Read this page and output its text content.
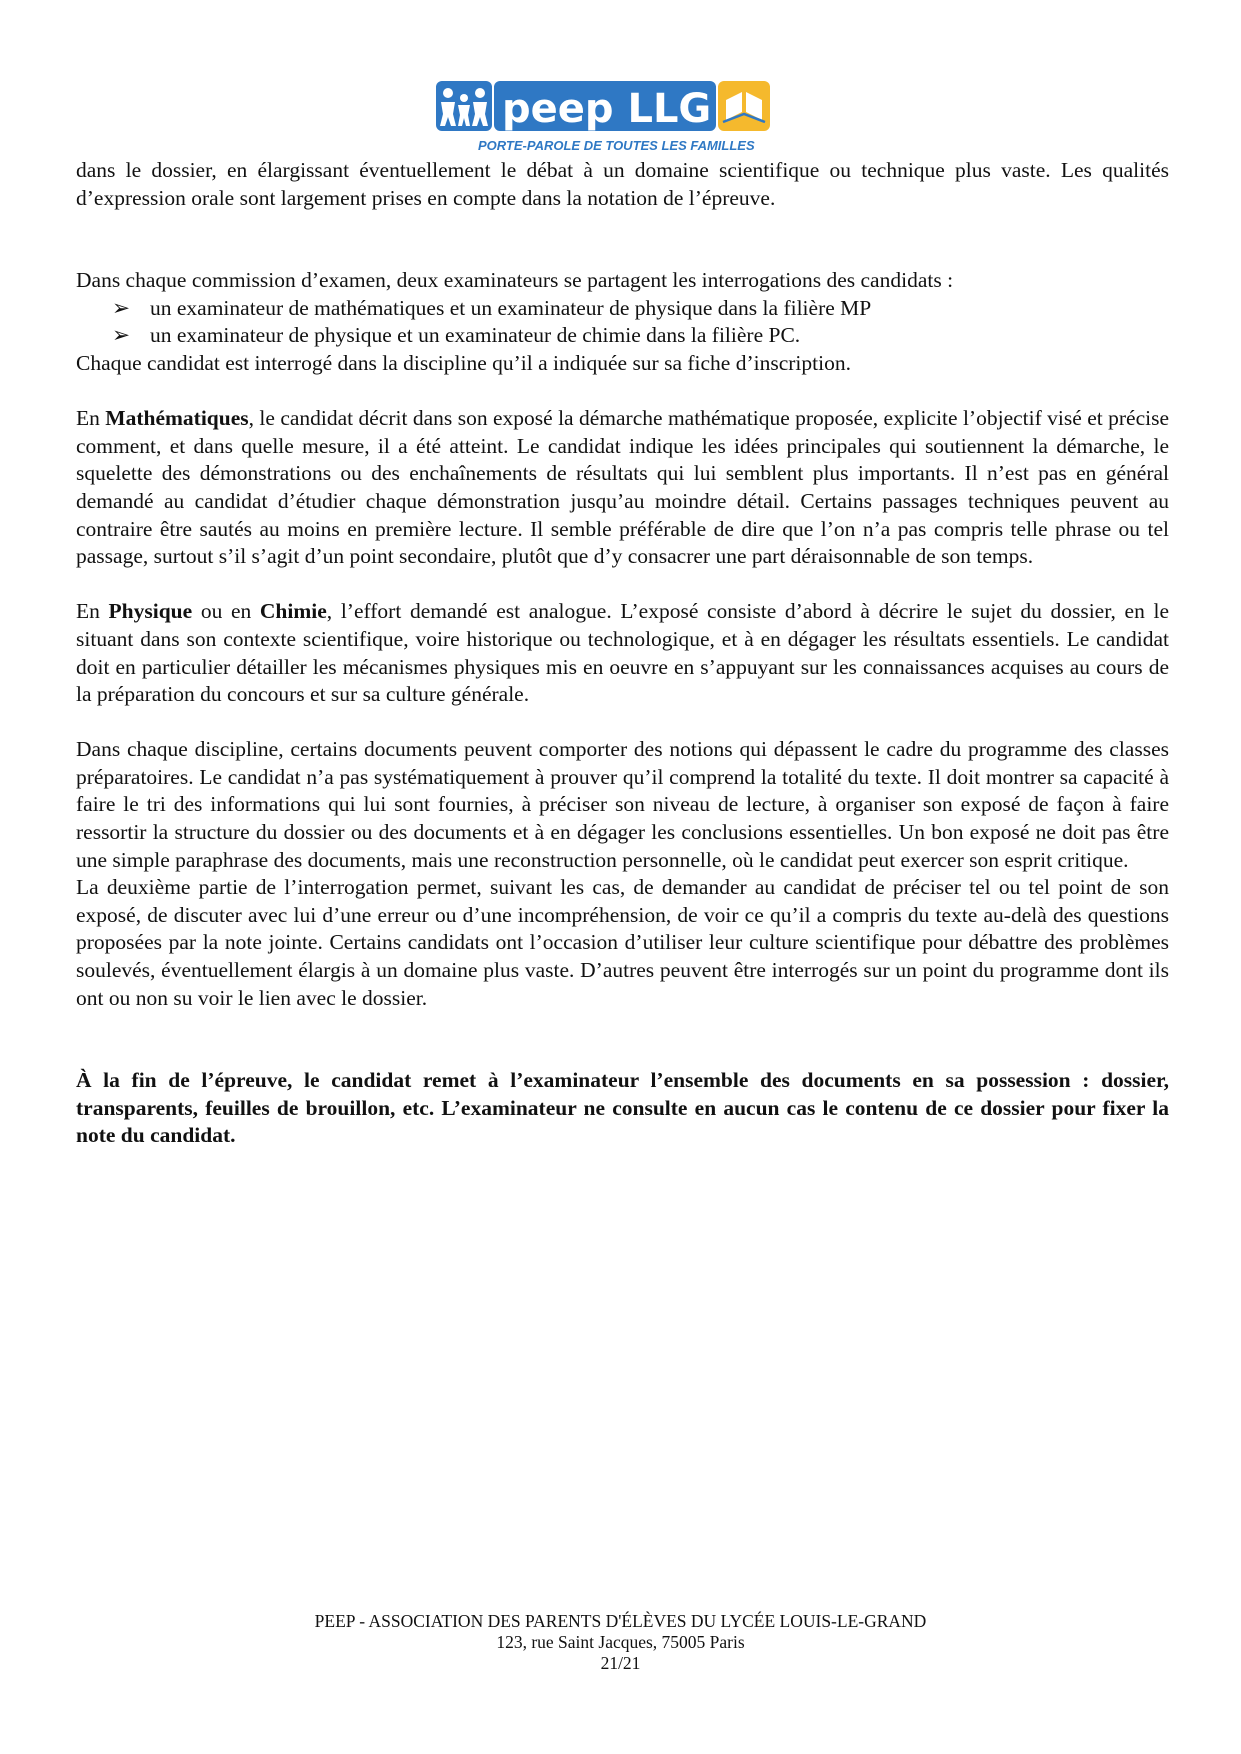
peep LLG
PORTE-PAROLE DE TOUTES LES FAMILLES

dans le dossier, en élargissant éventuellement le débat à un domaine scientifique ou technique plus vaste. Les qualités d’expression orale sont largement prises en compte dans la notation de l’épreuve.

Dans chaque commission d’examen, deux examinateurs se partagent les interrogations des candidats :

➢ un examinateur de mathématiques et un examinateur de physique dans la filière MP
➢ un examinateur de physique et un examinateur de chimie dans la filière PC.

Chaque candidat est interrogé dans la discipline qu’il a indiquée sur sa fiche d’inscription.

En Mathématiques, le candidat décrit dans son exposé la démarche mathématique proposée, explicite l’objectif visé et précise comment, et dans quelle mesure, il a été atteint. Le candidat indique les idées principales qui soutiennent la démarche, le squelette des démonstrations ou des enchaînements de résultats qui lui semblent plus importants. Il n’est pas en général demandé au candidat d’étudier chaque démonstration jusqu’au moindre détail. Certains passages techniques peuvent au contraire être sautés au moins en première lecture. Il semble préférable de dire que l’on n’a pas compris telle phrase ou tel passage, surtout s’il s’agit d’un point secondaire, plutôt que d’y consacrer une part déraisonnable de son temps.

En Physique ou en Chimie, l’effort demandé est analogue. L’exposé consiste d’abord à décrire le sujet du dossier, en le situant dans son contexte scientifique, voire historique ou technologique, et à en dégager les résultats essentiels. Le candidat doit en particulier détailler les mécanismes physiques mis en oeuvre en s’appuyant sur les connaissances acquises au cours de la préparation du concours et sur sa culture générale.

Dans chaque discipline, certains documents peuvent comporter des notions qui dépassent le cadre du programme des classes préparatoires. Le candidat n’a pas systématiquement à prouver qu’il comprend la totalité du texte. Il doit montrer sa capacité à faire le tri des informations qui lui sont fournies, à préciser son niveau de lecture, à organiser son exposé de façon à faire ressortir la structure du dossier ou des documents et à en dégager les conclusions essentielles. Un bon exposé ne doit pas être une simple paraphrase des documents, mais une reconstruction personnelle, où le candidat peut exercer son esprit critique.

La deuxième partie de l’interrogation permet, suivant les cas, de demander au candidat de préciser tel ou tel point de son exposé, de discuter avec lui d’une erreur ou d’une incompréhension, de voir ce qu’il a compris du texte au-delà des questions proposées par la note jointe. Certains candidats ont l’occasion d’utiliser leur culture scientifique pour débattre des problèmes soulevés, éventuellement élargis à un domaine plus vaste. D’autres peuvent être interrogés sur un point du programme dont ils ont ou non su voir le lien avec le dossier.

À la fin de l’épreuve, le candidat remet à l’examinateur l’ensemble des documents en sa possession : dossier, transparents, feuilles de brouillon, etc. L’examinateur ne consulte en aucun cas le contenu de ce dossier pour fixer la note du candidat.

PEEP - ASSOCIATION DES PARENTS D'ÉLÈVES DU LYCÉE LOUIS-LE-GRAND
123, rue Saint Jacques, 75005 Paris
21/21
